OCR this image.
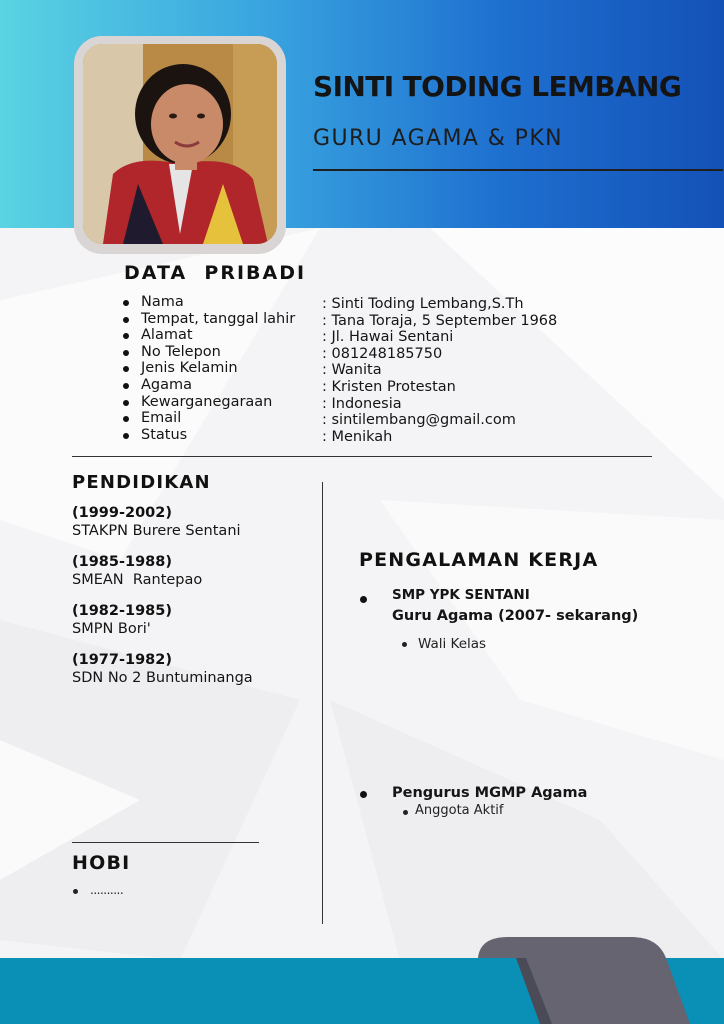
SINTI TODING LEMBANG
GURU AGAMA & PKN
DATA  PRIBADI
Nama
Tempat, tanggal lahir
Alamat
No Telepon
Jenis Kelamin
Agama
Kewarganegaraan
Email
Status
: Sinti Toding Lembang,S.Th
: Tana Toraja, 5 September 1968
: Jl. Hawai Sentani
: 081248185750
: Wanita
: Kristen Protestan
: Indonesia
: sintilembang@gmail.com
: Menikah
PENDIDIKAN
(1999-2002)
STAKPN Burere Sentani
(1985-1988)
SMEAN  Rantepao
(1982-1985)
SMPN Bori'
(1977-1982)
SDN No 2 Buntuminanga
PENGALAMAN KERJA
SMP YPK SENTANI
Guru Agama (2007- sekarang)
Wali Kelas
Pengurus MGMP Agama
Anggota Aktif
HOBI
..........
